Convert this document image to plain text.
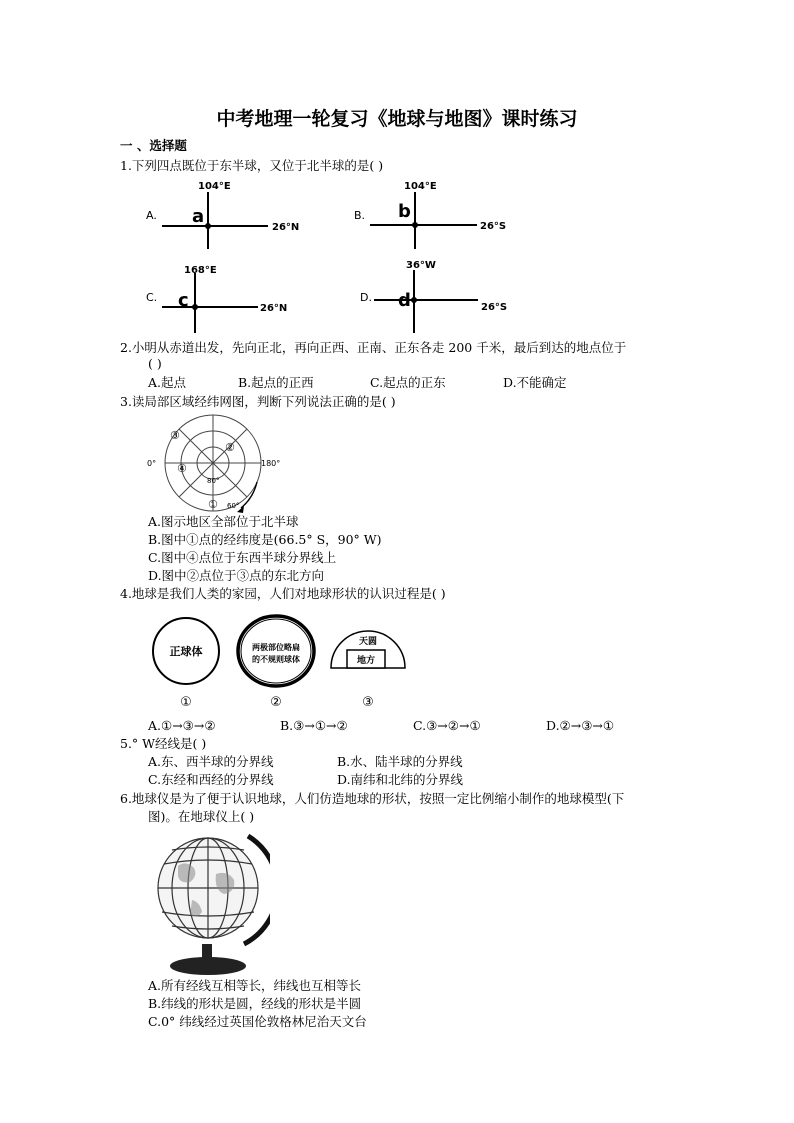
中考地理一轮复习《地球与地图》课时练习
一 、选择题
1.下列四点既位于东半球，又位于北半球的是( )
A. a
104°E
26°N
B. b
104°E
26°S
C. c
168°E
26°N
D. d
36°W
26°S
2.小明从赤道出发，先向正北，再向正西、正南、正东各走 200 千米，最后到达的地点位于
( )
A.起点	B.起点的正西	C.起点的正东	D.不能确定
3.读局部区域经纬网图，判断下列说法正确的是( )
③
②
④
①
0°	180°
80°
60°
A.图示地区全部位于北半球
B.图中①点的经纬度是(66.5° S，90° W)
C.图中④点位于东西半球分界线上
D.图中②点位于③点的东北方向
4.地球是我们人类的家园，人们对地球形状的认识过程是( )
正球体
①
两极部位略扁
的不规则球体
②
天圆
地方
③
A.①→③→②	B.③→①→②	C.③→②→①	D.②→③→①
5.° W经线是( )
A.东、西半球的分界线	B.水、陆半球的分界线
C.东经和西经的分界线	D.南纬和北纬的分界线
6.地球仪是为了便于认识地球，人们仿造地球的形状，按照一定比例缩小制作的地球模型(下
图)。在地球仪上( )
A.所有经线互相等长，纬线也互相等长
B.纬线的形状是圆，经线的形状是半圆
C.0° 纬线经过英国伦敦格林尼治天文台
